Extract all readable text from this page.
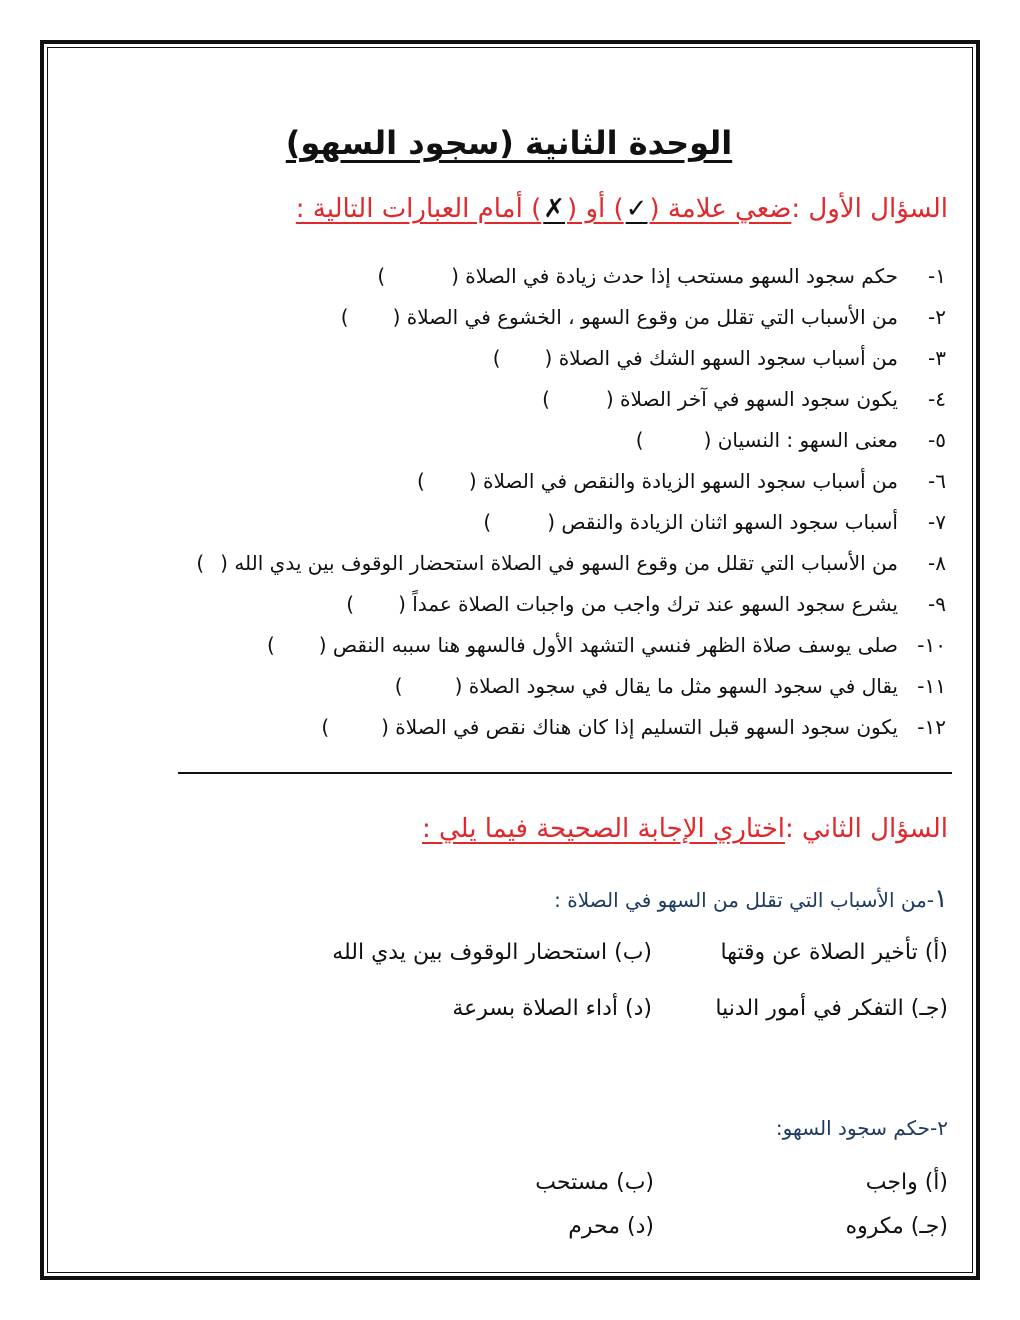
الوحدة الثانية (سجود السهو)
السؤال الأول :ضعي علامة (✓) أو (✗) أمام العبارات التالية :
١-حكم سجود السهو مستحب إذا حدث زيادة في الصلاة ()
٢-من الأسباب التي تقلل من وقوع السهو ، الخشوع في الصلاة ()
٣-من أسباب سجود السهو الشك في الصلاة ()
٤-يكون سجود السهو في آخر الصلاة ()
٥-معنى السهو : النسيان ()
٦-من أسباب سجود السهو الزيادة والنقص في الصلاة ()
٧-أسباب سجود السهو اثنان الزيادة والنقص ()
٨-من الأسباب التي تقلل من وقوع السهو في الصلاة استحضار الوقوف بين يدي الله ()
٩-يشرع سجود السهو عند ترك واجب من واجبات الصلاة عمداً ()
١٠-صلى يوسف صلاة الظهر فنسي التشهد الأول فالسهو هنا سببه النقص ()
١١-يقال في سجود السهو مثل ما يقال في سجود الصلاة ()
١٢-يكون سجود السهو قبل التسليم إذا كان هناك نقص في الصلاة ()
السؤال الثاني :اختاري الإجابة الصحيحة فيما يلي :
١-من الأسباب التي تقلل من السهو في الصلاة :
(أ) تأخير الصلاة عن وقتها(ب) استحضار الوقوف بين يدي الله
(جـ) التفكر في أمور الدنيا(د) أداء الصلاة بسرعة
٢-حكم سجود السهو:
(أ) واجب(ب) مستحب
(جـ) مكروه(د) محرم
